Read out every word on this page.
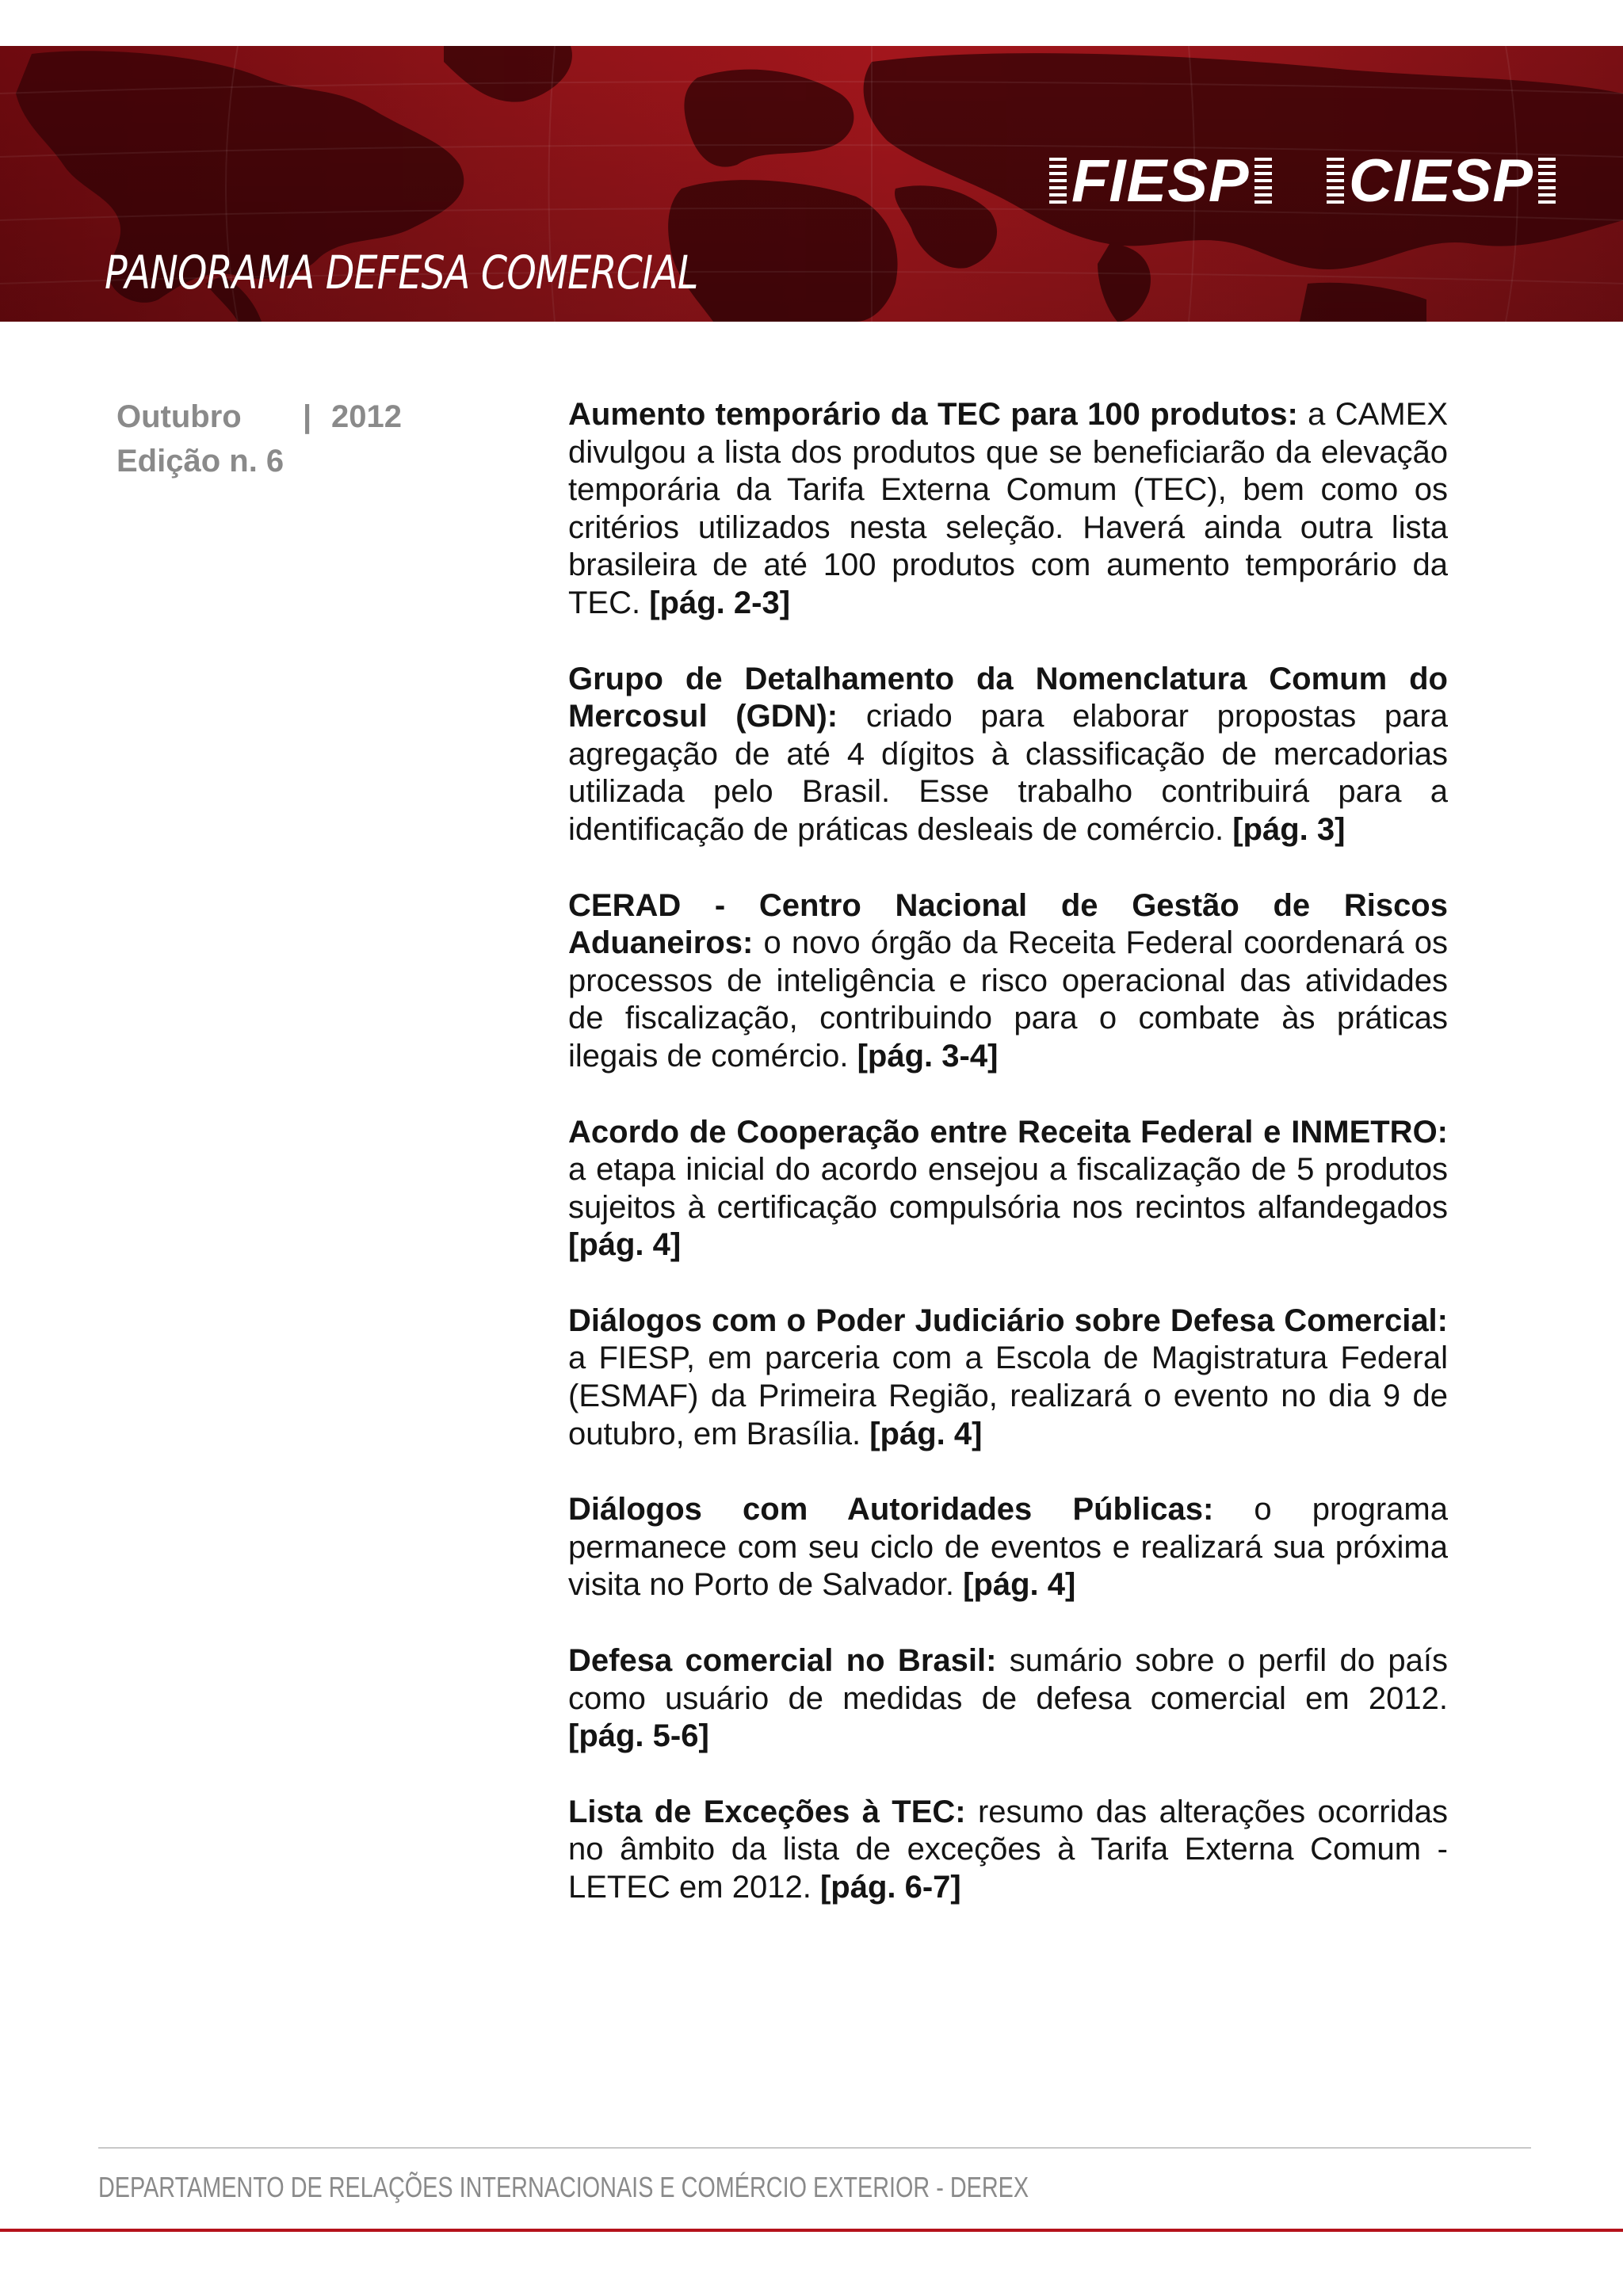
FIESP CIESP
PANORAMA DEFESA COMERCIAL
Outubro | 2012
Edição n. 6

Aumento temporário da TEC para 100 produtos: a CAMEX divulgou a lista dos produtos que se beneficiarão da elevação temporária da Tarifa Externa Comum (TEC), bem como os critérios utilizados nesta seleção. Haverá ainda outra lista brasileira de até 100 produtos com aumento temporário da TEC. [pág. 2-3]

Grupo de Detalhamento da Nomenclatura Comum do Mercosul (GDN): criado para elaborar propostas para agregação de até 4 dígitos à classificação de mercadorias utilizada pelo Brasil. Esse trabalho contribuirá para a identificação de práticas desleais de comércio. [pág. 3]

CERAD - Centro Nacional de Gestão de Riscos Aduaneiros: o novo órgão da Receita Federal coordenará os processos de inteligência e risco operacional das atividades de fiscalização, contribuindo para o combate às práticas ilegais de comércio. [pág. 3-4]

Acordo de Cooperação entre Receita Federal e INMETRO: a etapa inicial do acordo ensejou a fiscalização de 5 produtos sujeitos à certificação compulsória nos recintos alfandegados [pág. 4]

Diálogos com o Poder Judiciário sobre Defesa Comercial: a FIESP, em parceria com a Escola de Magistratura Federal (ESMAF) da Primeira Região, realizará o evento no dia 9 de outubro, em Brasília. [pág. 4]

Diálogos com Autoridades Públicas: o programa permanece com seu ciclo de eventos e realizará sua próxima visita no Porto de Salvador. [pág. 4]

Defesa comercial no Brasil: sumário sobre o perfil do país como usuário de medidas de defesa comercial em 2012. [pág. 5-6]

Lista de Exceções à TEC: resumo das alterações ocorridas no âmbito da lista de exceções à Tarifa Externa Comum - LETEC em 2012. [pág. 6-7]

DEPARTAMENTO DE RELAÇÕES INTERNACIONAIS E COMÉRCIO EXTERIOR - DEREX
